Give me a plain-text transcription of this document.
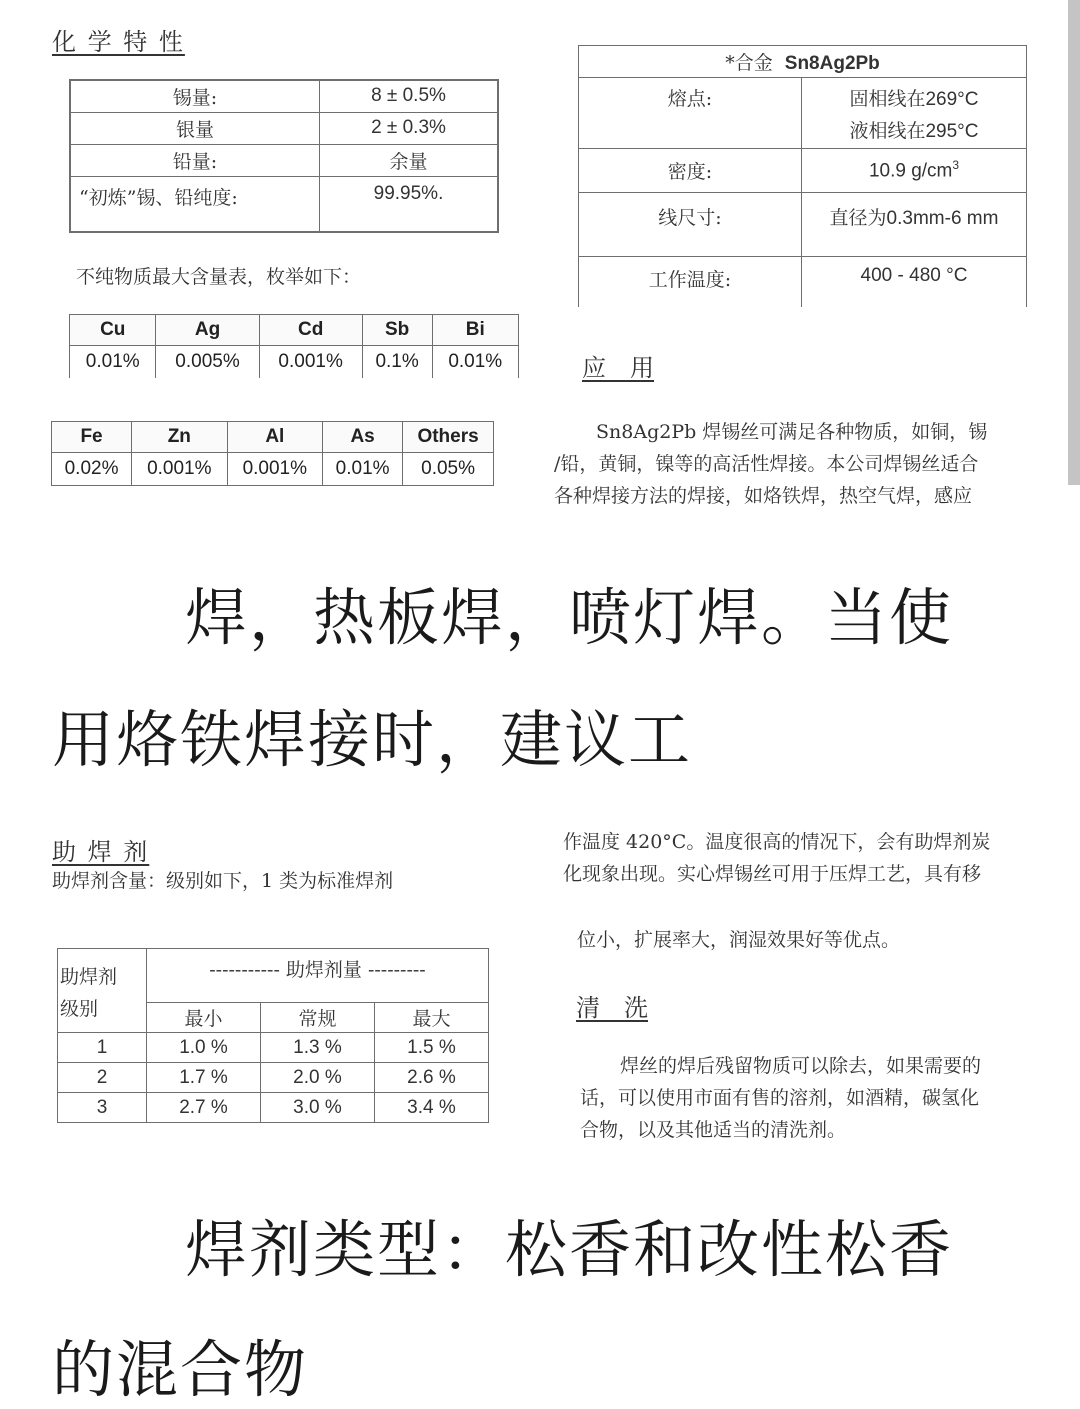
化 学 特 性
锡量:	8 ± 0.5%
银量	2 ± 0.3%
铅量:	余量
“初炼”锡、铅纯度:	99.95%.
不纯物质最大含量表，枚举如下：
Cu	Ag	Cd	Sb	Bi
0.01%	0.005%	0.001%	0.1%	0.01%
Fe	Zn	Al	As	Others
0.02%	0.001%	0.001%	0.01%	0.05%
*合金 Sn8Ag2Pb	
熔点:	固相线在269°C
液相线在295°C

密度:	10.9 $g/cm^3$
线尺寸:	直径为0.3mm-6 mm
工作温度:	400 - 480 °C
应　用
Sn8Ag2Pb 焊锡丝可满足各种物质，如铜，锡
/铅，黄铜，镍等的高活性焊接。本公司焊锡丝适合
各种焊接方法的焊接，如烙铁焊，热空气焊，感应
焊，热板焊，喷灯焊。当使
用烙铁焊接时，建议工
助 焊 剂
助焊剂含量：级别如下，1 类为标准焊剂
助焊剂
级别	----------- 助焊剂量 ---------		
	最小	常规	最大
1	1.0 %	1.3 %	1.5 %
2	1.7 %	2.0 %	2.6 %
3	2.7 %	3.0 %	3.4 %
作温度 420°C。温度很高的情况下，会有助焊剂炭
化现象出现。实心焊锡丝可用于压焊工艺，具有移
位小，扩展率大，润湿效果好等优点。
清　洗
焊丝的焊后残留物质可以除去，如果需要的
话，可以使用市面有售的溶剂，如酒精，碳氢化
合物，以及其他适当的清洗剂。
焊剂类型：松香和改性松香
的混合物
